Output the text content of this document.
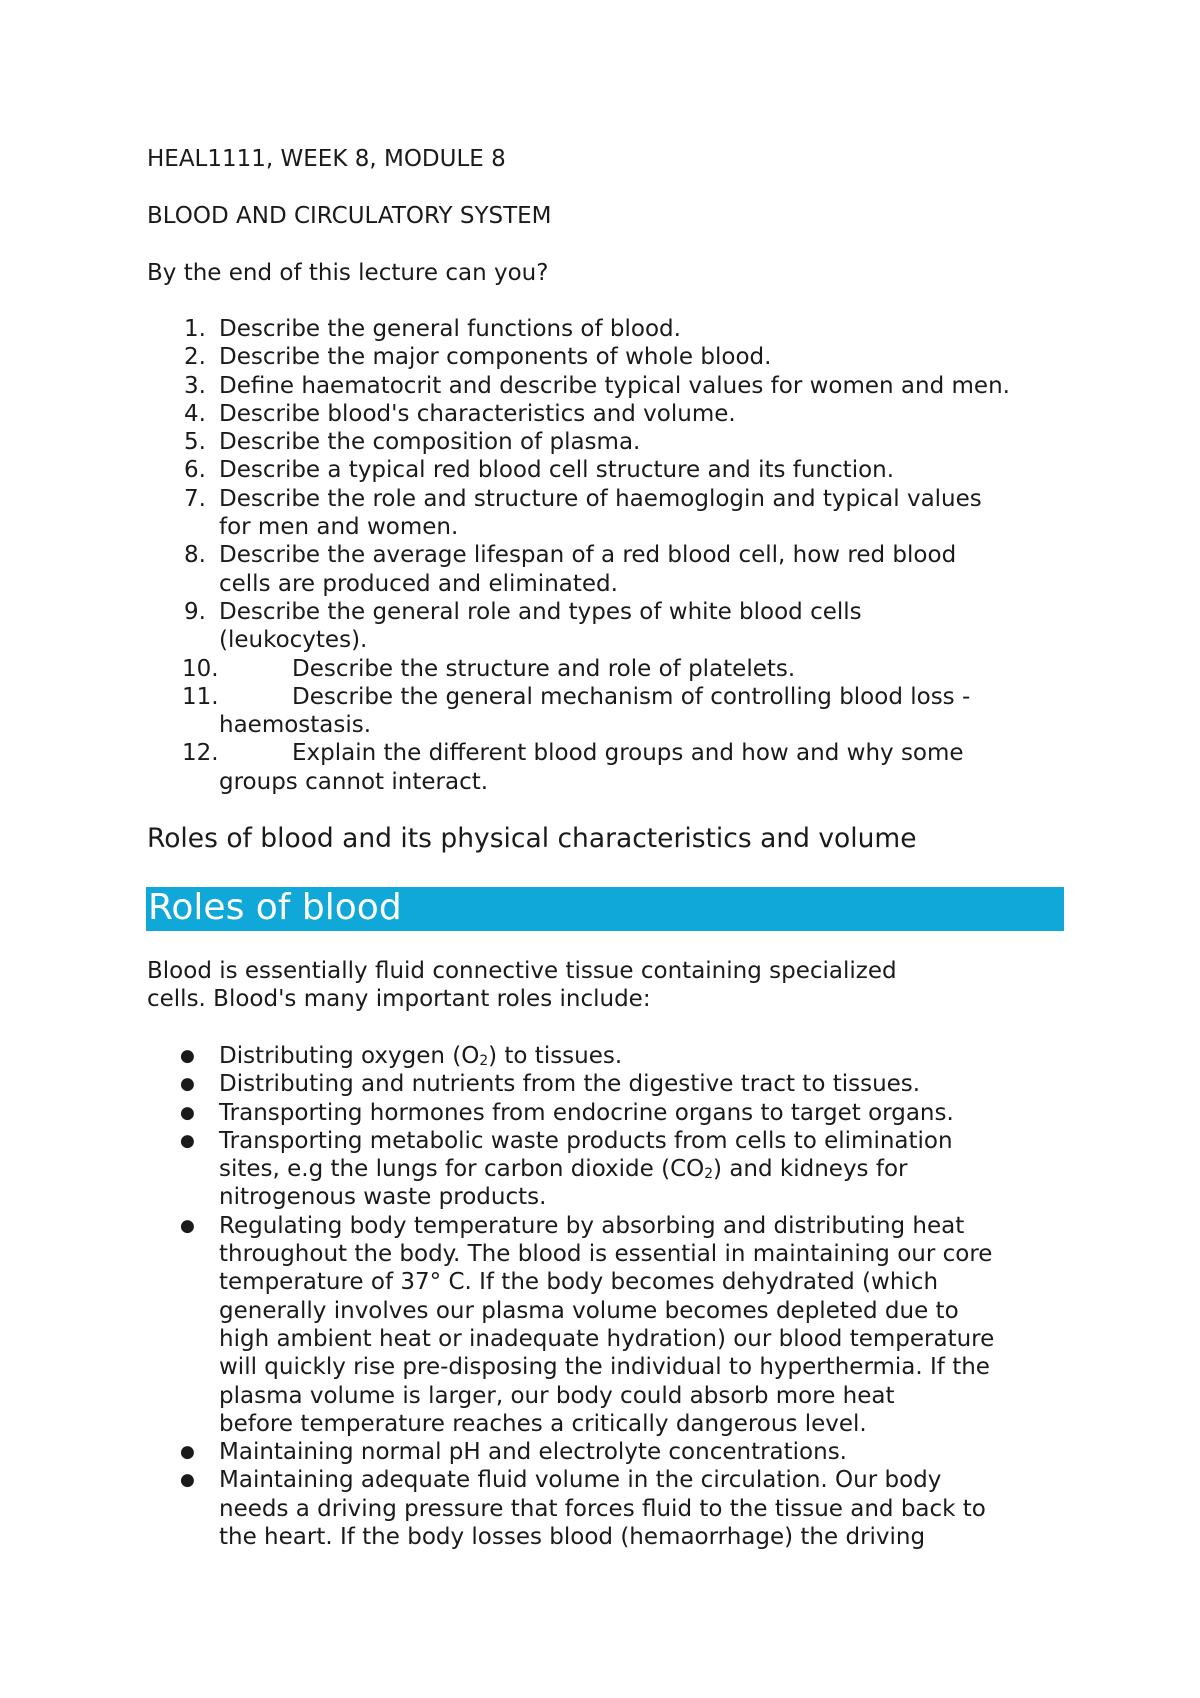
HEAL1111, WEEK 8, MODULE 8

BLOOD AND CIRCULATORY SYSTEM

By the end of this lecture can you?

1. Describe the general functions of blood.
2. Describe the major components of whole blood.
3. Define haematocrit and describe typical values for women and men.
4. Describe blood's characteristics and volume.
5. Describe the composition of plasma.
6. Describe a typical red blood cell structure and its function.
7. Describe the role and structure of haemoglogin and typical values
for men and women.
8. Describe the average lifespan of a red blood cell, how red blood
cells are produced and eliminated.
9. Describe the general role and types of white blood cells
(leukocytes).
10.	Describe the structure and role of platelets.
11.	Describe the general mechanism of controlling blood loss -
haemostasis.
12.	Explain the different blood groups and how and why some
groups cannot interact.

Roles of blood and its physical characteristics and volume

Roles of blood
Blood is essentially fluid connective tissue containing specialized
cells. Blood's many important roles include:
● Distributing oxygen $(O_2)$ to tissues.
● Distributing and nutrients from the digestive tract to tissues.
● Transporting hormones from endocrine organs to target organs.
● Transporting metabolic waste products from cells to elimination
sites, e.g the lungs for carbon dioxide $(CO_2)$ and kidneys for
nitrogenous waste products.
● Regulating body temperature by absorbing and distributing heat
throughout the body. The blood is essential in maintaining our core
temperature of 37° C. If the body becomes dehydrated (which
generally involves our plasma volume becomes depleted due to
high ambient heat or inadequate hydration) our blood temperature
will quickly rise pre-disposing the individual to hyperthermia. If the
plasma volume is larger, our body could absorb more heat
before temperature reaches a critically dangerous level.
● Maintaining normal pH and electrolyte concentrations.
● Maintaining adequate fluid volume in the circulation. Our body
needs a driving pressure that forces fluid to the tissue and back to
the heart. If the body losses blood (hemaorrhage) the driving
